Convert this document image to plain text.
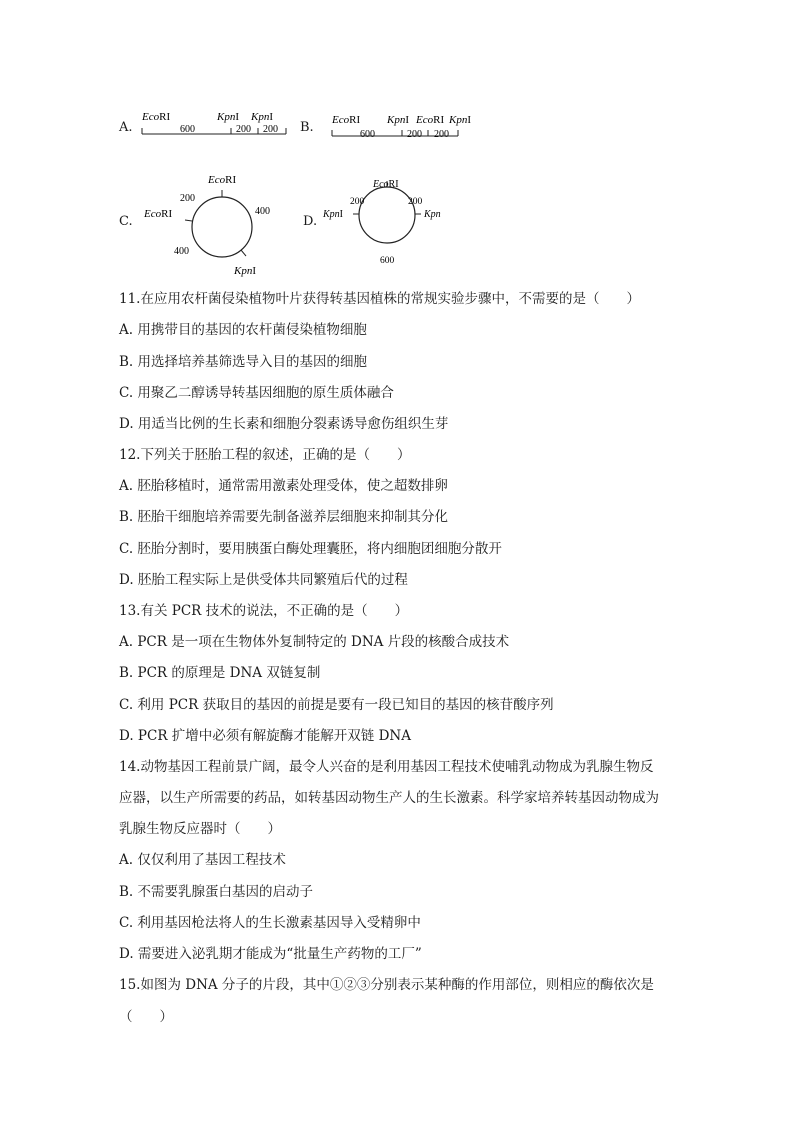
A.
EcoRI	KpnI KpnI
600	200 200 B. EcoRI KpnI EcoRI KpnI
600	200 200
C.
EcoRI
EcoRI
KpnI
200
400
400
D.
EcoRI
KpnI	Kpn
200	200
600
11.在应用农杆菌侵染植物叶片获得转基因植株的常规实验步骤中，不需要的是（　　）
A. 用携带目的基因的农杆菌侵染植物细胞
B. 用选择培养基筛选导入目的基因的细胞
C. 用聚乙二醇诱导转基因细胞的原生质体融合
D. 用适当比例的生长素和细胞分裂素诱导愈伤组织生芽
12.下列关于胚胎工程的叙述，正确的是（　　）
A. 胚胎移植时，通常需用激素处理受体，使之超数排卵
B. 胚胎干细胞培养需要先制备滋养层细胞来抑制其分化
C. 胚胎分割时，要用胰蛋白酶处理囊胚，将内细胞团细胞分散开
D. 胚胎工程实际上是供受体共同繁殖后代的过程
13.有关 PCR 技术的说法，不正确的是（　　）
A. PCR 是一项在生物体外复制特定的 DNA 片段的核酸合成技术
B. PCR 的原理是 DNA 双链复制
C. 利用 PCR 获取目的基因的前提是要有一段已知目的基因的核苷酸序列
D. PCR 扩增中必须有解旋酶才能解开双链 DNA
14.动物基因工程前景广阔，最令人兴奋的是利用基因工程技术使哺乳动物成为乳腺生物反
应器，以生产所需要的药品，如转基因动物生产人的生长激素。科学家培养转基因动物成为
乳腺生物反应器时（　　）
A. 仅仅利用了基因工程技术
B. 不需要乳腺蛋白基因的启动子
C. 利用基因枪法将人的生长激素基因导入受精卵中
D. 需要进入泌乳期才能成为“批量生产药物的工厂”
15.如图为 DNA 分子的片段，其中①②③分别表示某种酶的作用部位，则相应的酶依次是
（　　）
